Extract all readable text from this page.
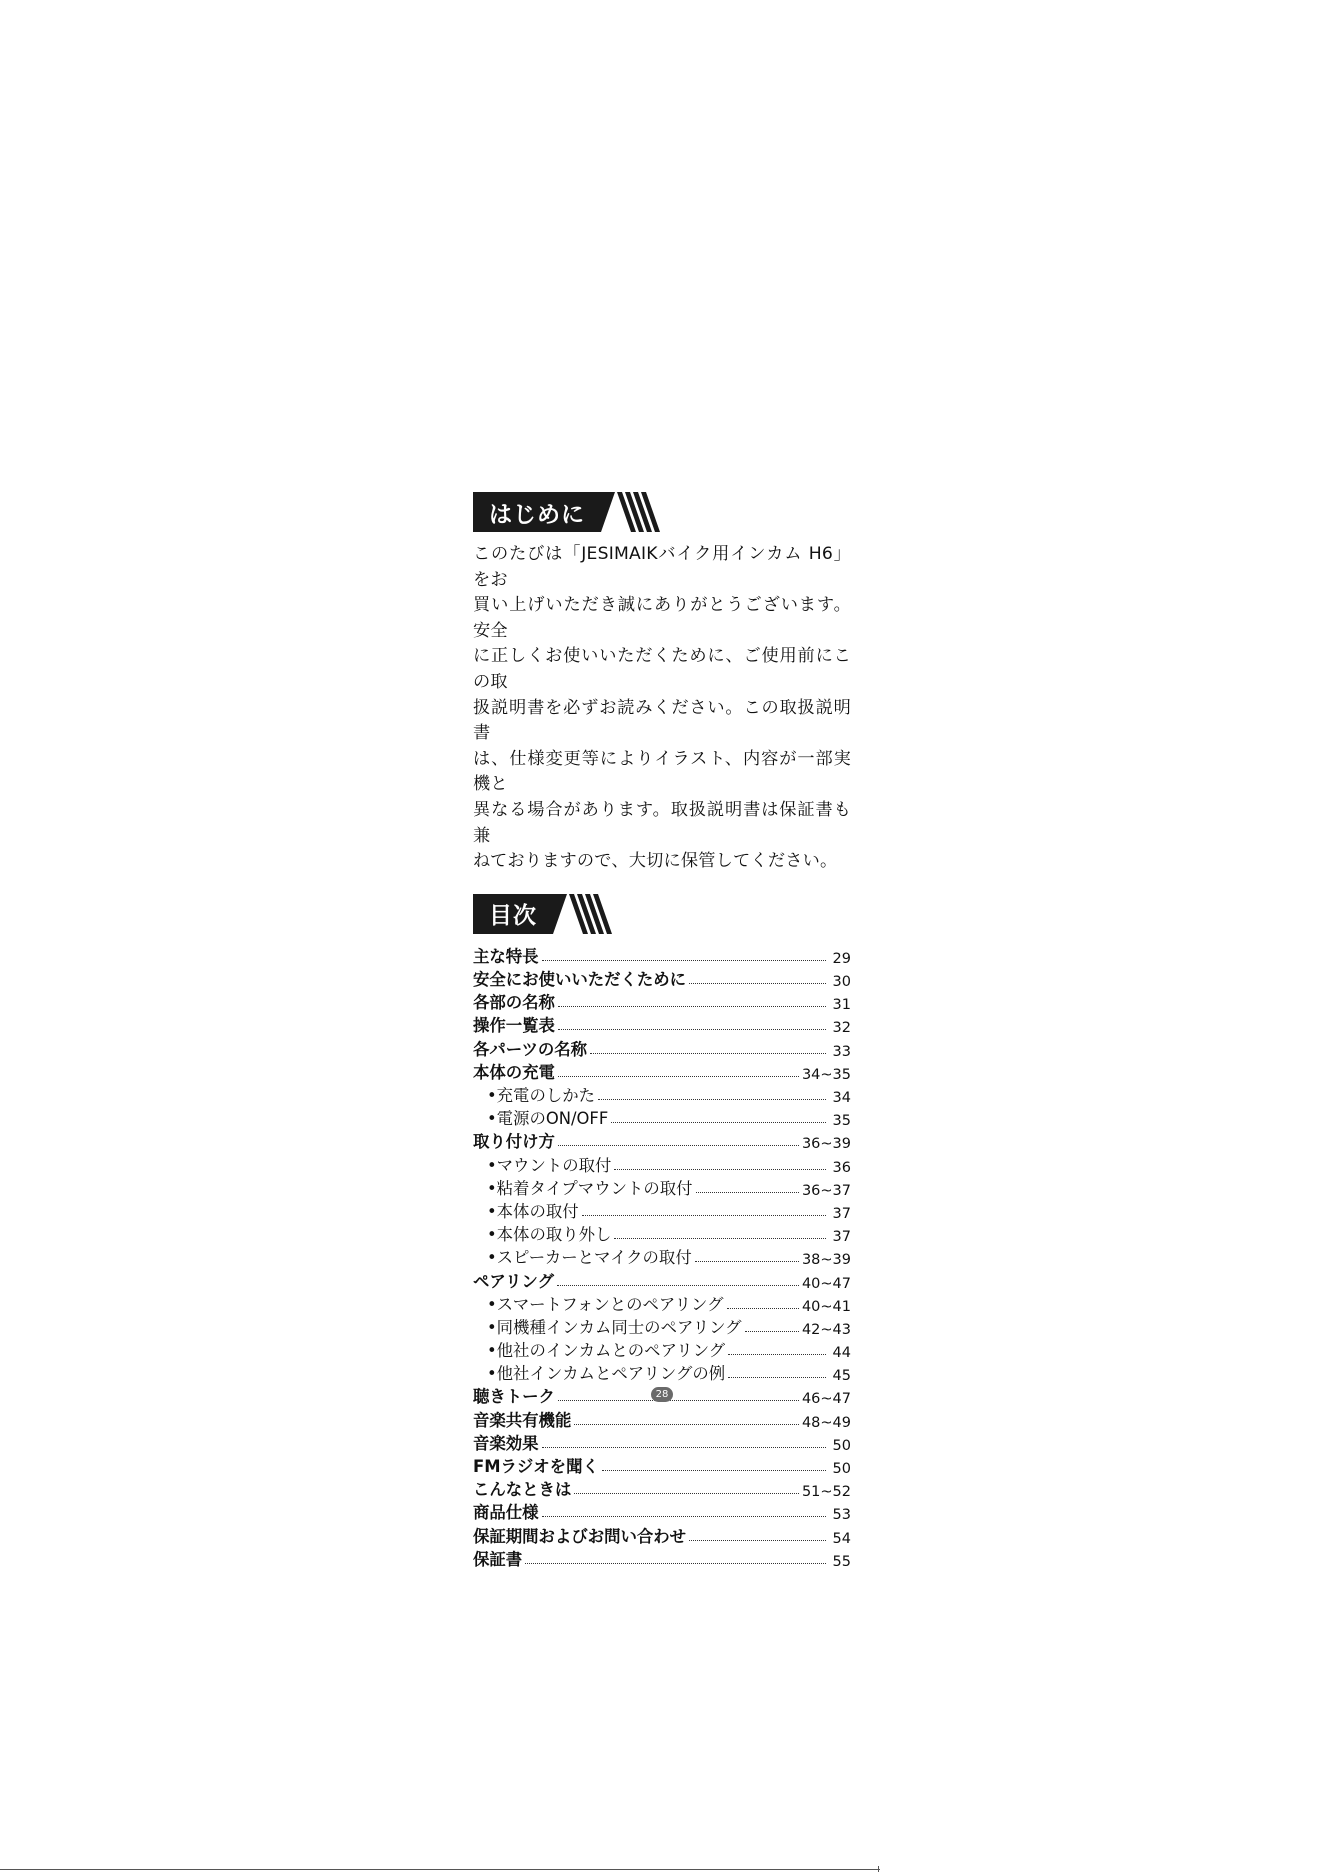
はじめに
このたびは「JESIMAIKバイク用インカム H6」をお
買い上げいただき誠にありがとうございます。安全
に正しくお使いいただくために、ご使用前にこの取
扱説明書を必ずお読みください。この取扱説明書
は、仕様変更等によりイラスト、内容が一部実機と
異なる場合があります。取扱説明書は保証書も兼
ねておりますので、大切に保管してください。
目次
主な特長	29
安全にお使いいただくために	30
各部の名称	31
操作一覧表	32
各パーツの名称	33
本体の充電	34~35
•充電のしかた	34
•電源のON/OFF	35
取り付け方	36~39
•マウントの取付	36
•粘着タイプマウントの取付	36~37
•本体の取付	37
•本体の取り外し	37
•スピーカーとマイクの取付	38~39
ペアリング	40~47
•スマートフォンとのペアリング	40~41
•同機種インカム同士のペアリング	42~43
•他社のインカムとのペアリング	44
•他社インカムとペアリングの例	45
聴きトーク	46~47
音楽共有機能	48~49
音楽効果	50
FMラジオを聞く	50
こんなときは	51~52
商品仕様	53
保証期間およびお問い合わせ	54
保証書	55
28
